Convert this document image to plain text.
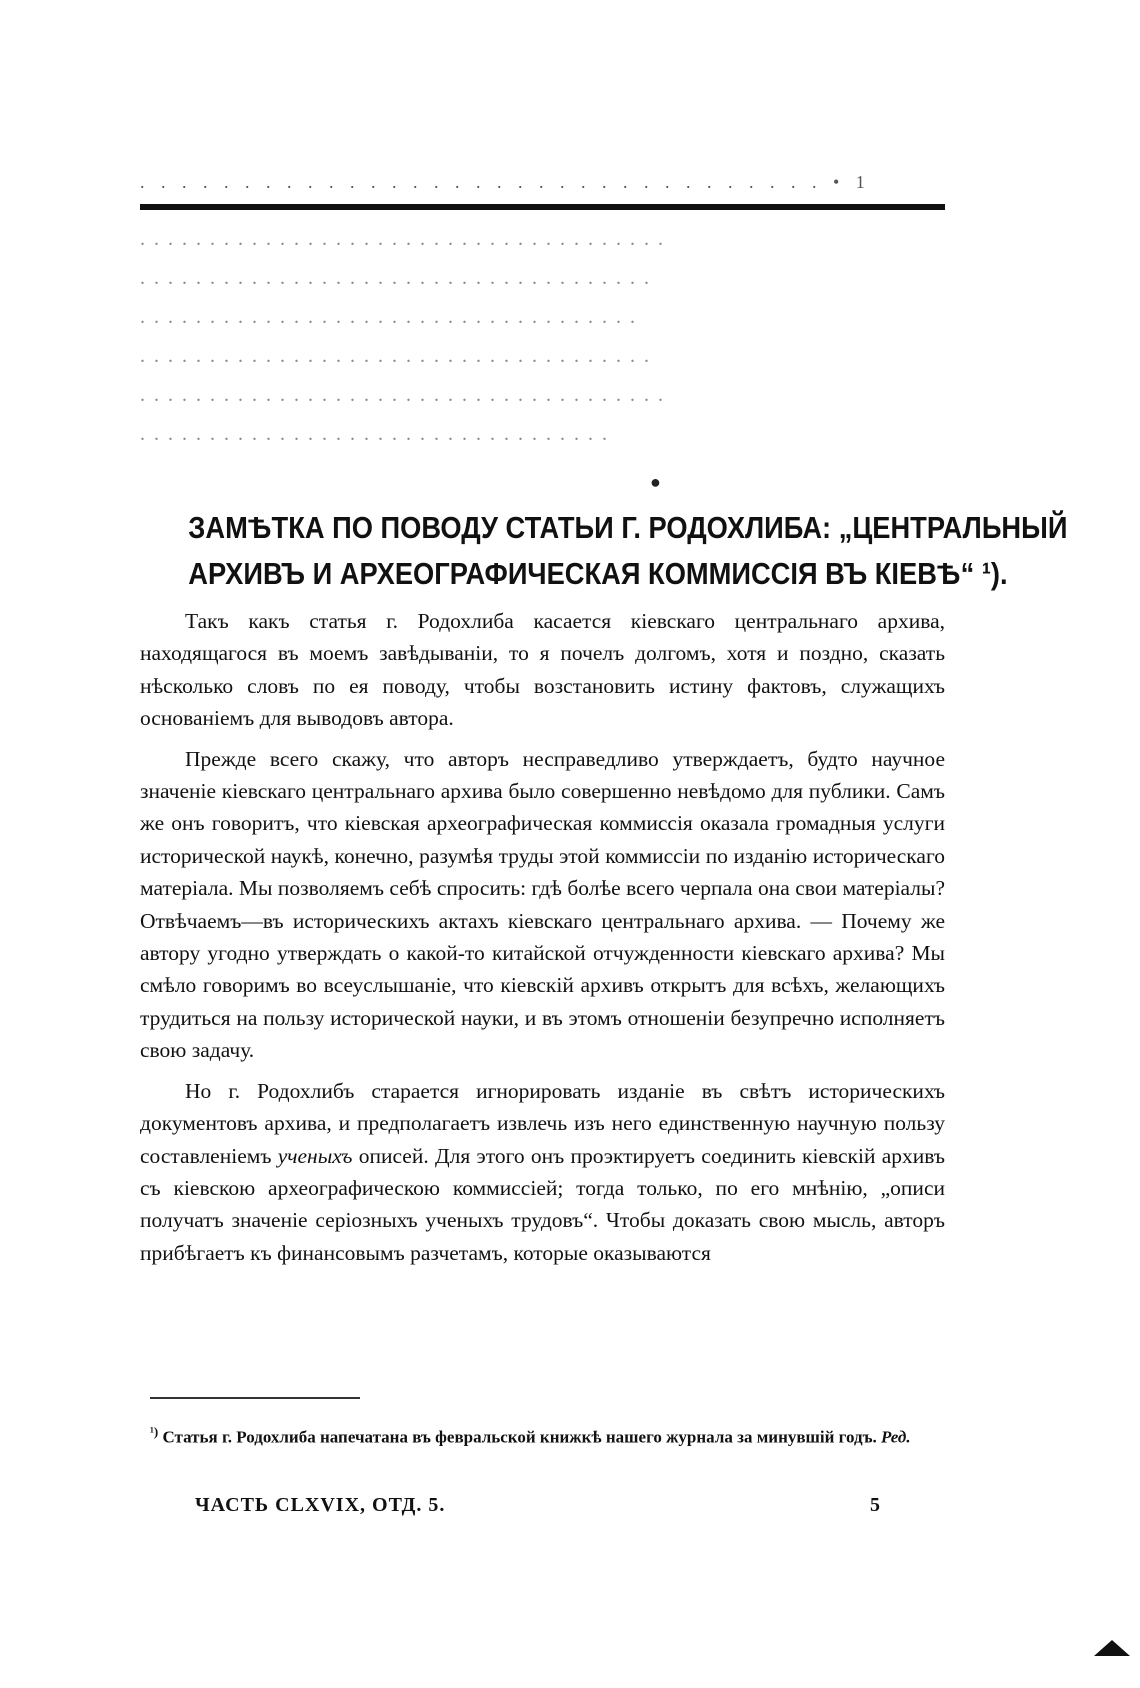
. . . . . . . . . . . . . . . . . . . . . . . . . . . . . . . . . • 1

. . . . . . . . . . . . . . . . . . . . . . . . . . . . . . . . . . . . . .

. . . . . . . . . . . . . . . . . . . . . . . . . . . . . . . . . . . . .

. . . . . . . . . . . . . . . . . . . . . . . . . . . . . . . . . . . .

. . . . . . . . . . . . . . . . . . . . . . . . . . . . . . . . . . . . .

. . . . . . . . . . . . . . . . . . . . . . . . . . . . . . . . . . . . . .

. . . . . . . . . . . . . . . . . . . . . . . . . . . . . . . . . .

●
ЗАМѢТКА ПО ПОВОДУ СТАТЬИ Г. РОДОХЛИБА: „ЦЕНТРАЛЬНЫЙ
АРХИВЪ И АРХЕОГРАФИЧЕСКАЯ КОММИССІЯ ВЪ КІЕВѢ“ ¹).

Такъ какъ статья г. Родохлиба касается кіевскаго центральнаго архива, находящагося въ моемъ завѣдываніи, то я почелъ долгомъ, хотя и поздно, сказать нѣсколько словъ по ея поводу, чтобы возстановить истину фактовъ, служащихъ основаніемъ для выводовъ автора.

Прежде всего скажу, что авторъ несправедливо утверждаетъ, будто научное значеніе кіевскаго центральнаго архива было совершенно невѣдомо для публики. Самъ же онъ говоритъ, что кіевская археографическая коммиссія оказала громадныя услуги исторической наукѣ, конечно, разумѣя труды этой коммиссіи по изданію историческаго матеріала. Мы позволяемъ себѣ спросить: гдѣ болѣе всего черпала она свои матеріалы? Отвѣчаемъ—въ историческихъ актахъ кіевскаго центральнаго архива. — Почему же автору угодно утверждать о какой-то китайской отчужденности кіевскаго архива? Мы смѣло говоримъ во всеуслышаніе, что кіевскій архивъ открытъ для всѣхъ, желающихъ трудиться на пользу исторической науки, и въ этомъ отношеніи безупречно исполняетъ свою задачу.

Но г. Родохлибъ старается игнорировать изданіе въ свѣтъ историческихъ документовъ архива, и предполагаетъ извлечь изъ него единственную научную пользу составленіемъ ученыхъ описей. Для этого онъ проэктируетъ соединить кіевскій архивъ съ кіевскою археографическою коммиссіей; тогда только, по его мнѣнію, „описи получатъ значеніе серіозныхъ ученыхъ трудовъ“. Чтобы доказать свою мысль, авторъ прибѣгаетъ къ финансовымъ разчетамъ, которые оказываются

$^{^1)}$ Статья г. Родохлиба напечатана въ февральской книжкѣ нашего журнала за минувшій годъ. Ред.

ЧАСТЬ CLXVIX, ОТД. 5.	5
